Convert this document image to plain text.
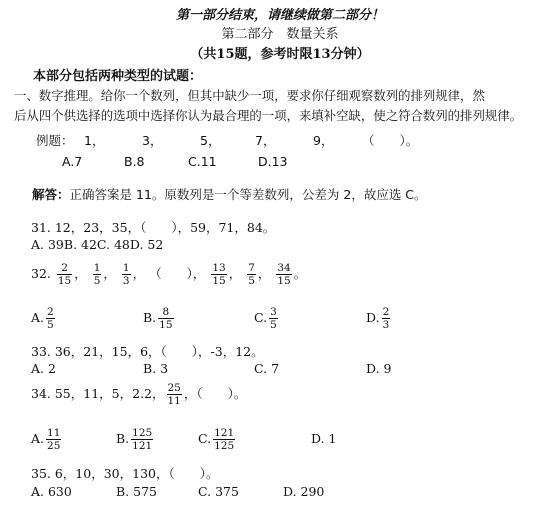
第一部分结束，请继续做第二部分！
第二部分　数量关系
（共15题，参考时限13分钟）
本部分包括两种类型的试题：
一、数字推理。给你一个数列，但其中缺少一项，要求你仔细观察数列的排列规律，然
后从四个供选择的选项中选择你认为最合理的一项，来填补空缺，使之符合数列的排列规律。
例题： 1，	3，	5，	7，	9， （　　）。
A.7	B.8	C.11	D.13
解答：正确答案是 11。原数列是一个等差数列，公差为 2，故应选 C。
31. 12，23，35，（　　），59，71，84。
A. 39B. 42C. 48D. 52
32. $\frac{2}{15}$ ， $\frac{1}{5}$ ， $\frac{1}{3}$ ， （　　）， $\frac{13}{15}$ ， $\frac{7}{5}$ ， $\frac{34}{15}$ 。
A. $\frac{2}{5}$	B. $\frac{8}{15}$	C. $\frac{3}{5}$	D. $\frac{2}{3}$
33. 36，21，15，6，（　　），-3，12。
A. 2	B. 3	C. 7	D. 9
34. 55，11，5，2.2， $\frac{25}{11}$ ，（　　）。
A. $\frac{11}{25}$	B. $\frac{125}{121}$	C. $\frac{121}{125}$	D. 1
35. 6，10，30，130，（　　）。
A. 630	B. 575	C. 375	D. 290
